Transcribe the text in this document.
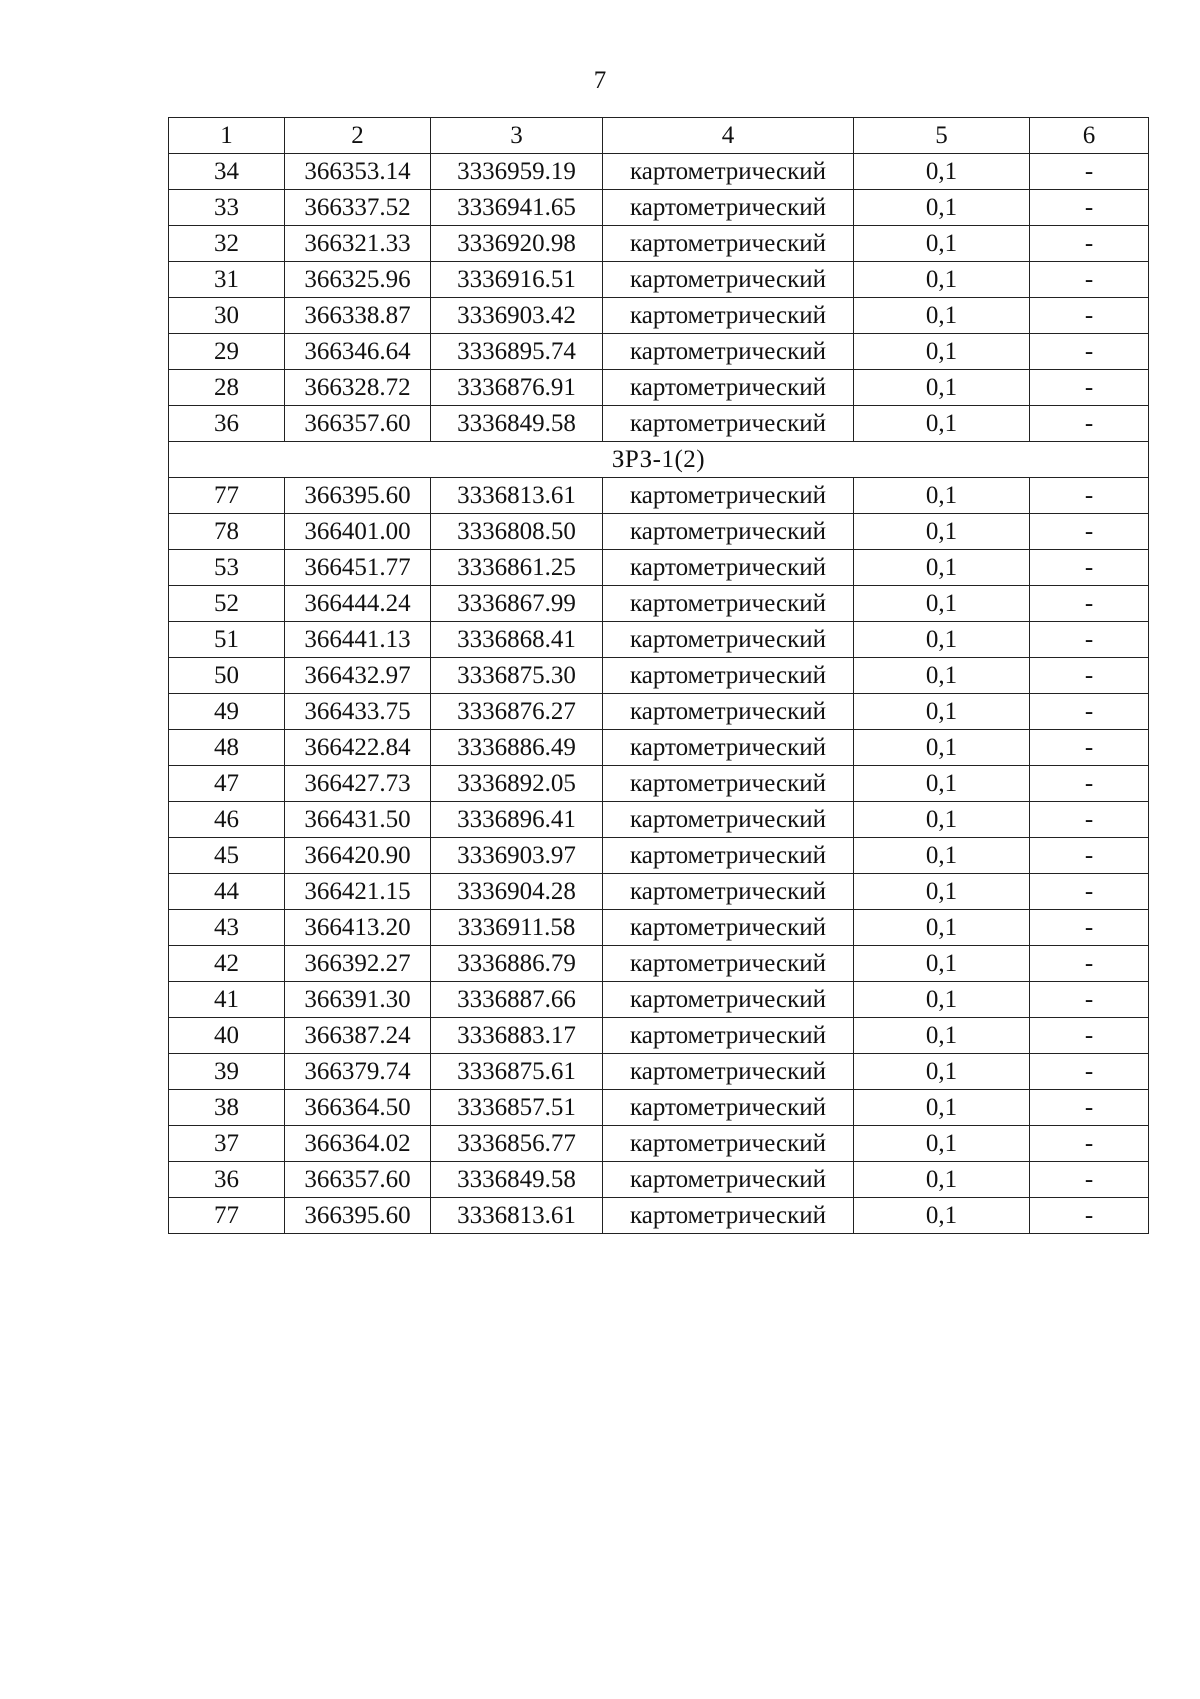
7
1	2	3	4	5	6
34	366353.14	3336959.19	картометрический	0,1	-
33	366337.52	3336941.65	картометрический	0,1	-
32	366321.33	3336920.98	картометрический	0,1	-
31	366325.96	3336916.51	картометрический	0,1	-
30	366338.87	3336903.42	картометрический	0,1	-
29	366346.64	3336895.74	картометрический	0,1	-
28	366328.72	3336876.91	картометрический	0,1	-
36	366357.60	3336849.58	картометрический	0,1	-
ЗРЗ-1(2)					
77	366395.60	3336813.61	картометрический	0,1	-
78	366401.00	3336808.50	картометрический	0,1	-
53	366451.77	3336861.25	картометрический	0,1	-
52	366444.24	3336867.99	картометрический	0,1	-
51	366441.13	3336868.41	картометрический	0,1	-
50	366432.97	3336875.30	картометрический	0,1	-
49	366433.75	3336876.27	картометрический	0,1	-
48	366422.84	3336886.49	картометрический	0,1	-
47	366427.73	3336892.05	картометрический	0,1	-
46	366431.50	3336896.41	картометрический	0,1	-
45	366420.90	3336903.97	картометрический	0,1	-
44	366421.15	3336904.28	картометрический	0,1	-
43	366413.20	3336911.58	картометрический	0,1	-
42	366392.27	3336886.79	картометрический	0,1	-
41	366391.30	3336887.66	картометрический	0,1	-
40	366387.24	3336883.17	картометрический	0,1	-
39	366379.74	3336875.61	картометрический	0,1	-
38	366364.50	3336857.51	картометрический	0,1	-
37	366364.02	3336856.77	картометрический	0,1	-
36	366357.60	3336849.58	картометрический	0,1	-
77	366395.60	3336813.61	картометрический	0,1	-
